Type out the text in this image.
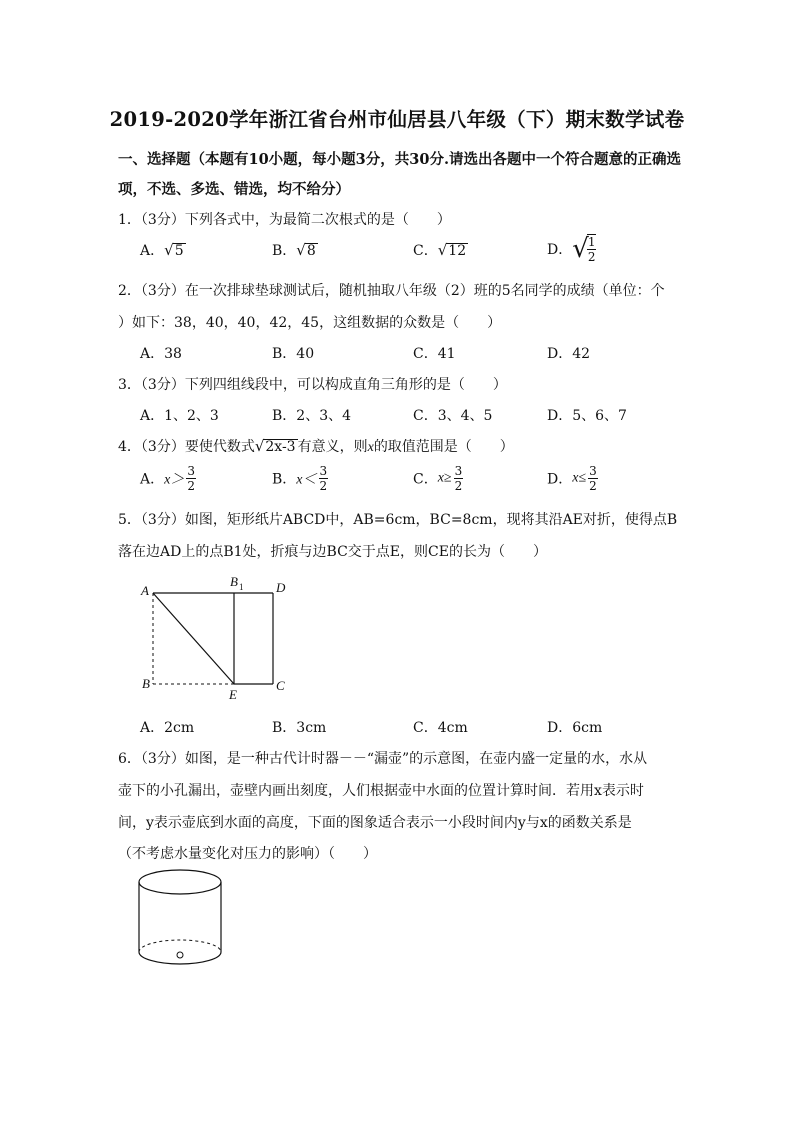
2019-2020学年浙江省台州市仙居县八年级（下）期末数学试卷
一、选择题（本题有10小题，每小题3分，共30分.请选出各题中一个符合题意的正确选
项，不选、多选、错选，均不给分）
1．（3分）下列各式中，为最简二次根式的是（　　）
A．√5	B．√8	C．√12	D．√
$\frac{1}{2}$
2．（3分）在一次排球垫球测试后，随机抽取八年级（2）班的5名同学的成绩（单位：个
）如下：38，40，40，42，45，这组数据的众数是（　　）
A．38	B．40	C．41	D．42
3．（3分）下列四组线段中，可以构成直角三角形的是（　　）
A．1、2、3	B．2、3、4	C．3、4、5	D．5、6、7
4．（3分）要使代数式√2x-3 有意义，则x的取值范围是（　　）
A．$x> \frac{3}{2}$	B．$x< \frac{3}{2}$	C．$x\ge \frac{3}{2}$	D．$x\le \frac{3}{2}$
5．（3分）如图，矩形纸片ABCD中，AB=6cm，BC=8cm，现将其沿AE对折，使得点B
落在边AD上的点B1处，折痕与边BC交于点E，则CE的长为（　　）
A
B	C
D
E
B 1
A．2cm	B．3cm	C．4cm	D．6cm
6．（3分）如图，是一种古代计时器－－“漏壶”的示意图，在壶内盛一定量的水，水从
壶下的小孔漏出，壶壁内画出刻度，人们根据壶中水面的位置计算时间．若用x表示时
间，y表示壶底到水面的高度，下面的图象适合表示一小段时间内y与x的函数关系是
（不考虑水量变化对压力的影响）（　　）
